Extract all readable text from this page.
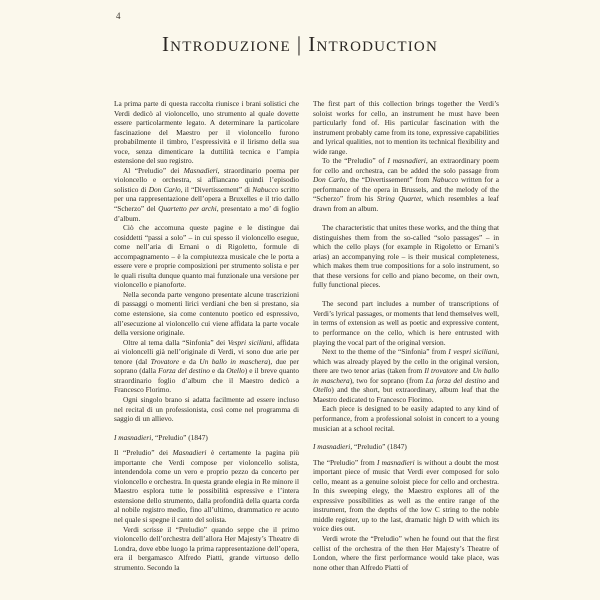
4
Introduzione | Introduction

La prima parte di questa raccolta riunisce i brani solistici che Verdi dedicò al violoncello, uno strumento al quale dovette essere particolarmente legato. A determinare la particolare fascinazione del Maestro per il violoncello furono probabilmente il timbro, l’espressività e il lirismo della sua voce, senza dimenticare la duttilità tecnica e l’ampia estensione del suo registro.

Al “Preludio” dei Masnadieri, straordinario poema per violoncello e orchestra, si affiancano quindi l’episodio solistico di Don Carlo, il “Divertissement” di Nabucco scritto per una rappresentazione dell’opera a Bruxelles e il trio dallo “Scherzo” del Quartetto per archi, presentato a mo’ di foglio d’album.

Ciò che accomuna queste pagine e le distingue dai cosiddetti “passi a solo” – in cui spesso il violoncello esegue, come nell’aria di Ernani o di Rigoletto, formule di accompagnamento – è la compiutezza musicale che le porta a essere vere e proprie composizioni per strumento solista e per le quali risulta dunque quanto mai funzionale una versione per violoncello e pianoforte.

Nella seconda parte vengono presentate alcune trascrizioni di passaggi o momenti lirici verdiani che ben si prestano, sia come estensione, sia come contenuto poetico ed espressivo, all’esecuzione al violoncello cui viene affidata la parte vocale della versione originale.

Oltre al tema dalla “Sinfonia” dei Vespri siciliani, affidata ai violoncelli già nell’originale di Verdi, vi sono due arie per tenore (dal Trovatore e da Un ballo in maschera), due per soprano (dalla Forza del destino e da Otello) e il breve quanto straordinario foglio d’album che il Maestro dedicò a Francesco Florimo.

Ogni singolo brano si adatta facilmente ad essere incluso nel recital di un professionista, così come nel programma di saggio di un allievo.

I masnadieri, “Preludio” (1847)

Il “Preludio” dei Masnadieri è certamente la pagina più importante che Verdi compose per violoncello solista, intendendola come un vero e proprio pezzo da concerto per violoncello e orchestra. In questa grande elegia in Re minore il Maestro esplora tutte le possibilità espressive e l’intera estensione dello strumento, dalla profondità della quarta corda al nobile registro medio, fino all’ultimo, drammatico re acuto nel quale si spegne il canto del solista.

Verdi scrisse il “Preludio” quando seppe che il primo violoncello dell’orchestra dell’allora Her Majesty’s Theatre di Londra, dove ebbe luogo la prima rappresentazione dell’opera, era il bergamasco Alfredo Piatti, grande virtuoso dello strumento. Secondo la

The first part of this collection brings together the Verdi’s soloist works for cello, an instrument he must have been particularly fond of. His particular fascination with the instrument probably came from its tone, expressive capabilities and lyrical qualities, not to mention its technical flexibility and wide range.

To the “Preludio” of I masnadieri, an extraordinary poem for cello and orchestra, can be added the solo passage from Don Carlo, the “Divertissement” from Nabucco written for a performance of the opera in Brussels, and the melody of the “Scherzo” from his String Quartet, which resembles a leaf drawn from an album.

The characteristic that unites these works, and the thing that distinguishes them from the so-called “solo passages” – in which the cello plays (for example in Rigoletto or Ernani’s arias) an accompanying role – is their musical completeness, which makes them true compositions for a solo instrument, so that these versions for cello and piano become, on their own, fully functional pieces.

The second part includes a number of transcriptions of Verdi’s lyrical passages, or moments that lend themselves well, in terms of extension as well as poetic and expressive content, to performance on the cello, which is here entrusted with playing the vocal part of the original version.

Next to the theme of the “Sinfonia” from I vespri siciliani, which was already played by the cello in the original version, there are two tenor arias (taken from Il trovatore and Un ballo in maschera), two for soprano (from La forza del destino and Otello) and the short, but extraordinary, album leaf that the Maestro dedicated to Francesco Florimo.

Each piece is designed to be easily adapted to any kind of performance, from a professional soloist in concert to a young musician at a school recital.

I masnadieri, “Preludio” (1847)

The “Preludio” from I masnadieri is without a doubt the most important piece of music that Verdi ever composed for solo cello, meant as a genuine soloist piece for cello and orchestra. In this sweeping elegy, the Maestro explores all of the expressive possibilities as well as the entire range of the instrument, from the depths of the low C string to the noble middle register, up to the last, dramatic high D with which its voice dies out.

Verdi wrote the “Preludio” when he found out that the first cellist of the orchestra of the then Her Majesty’s Theatre of London, where the first performance would take place, was none other than Alfredo Piatti of
